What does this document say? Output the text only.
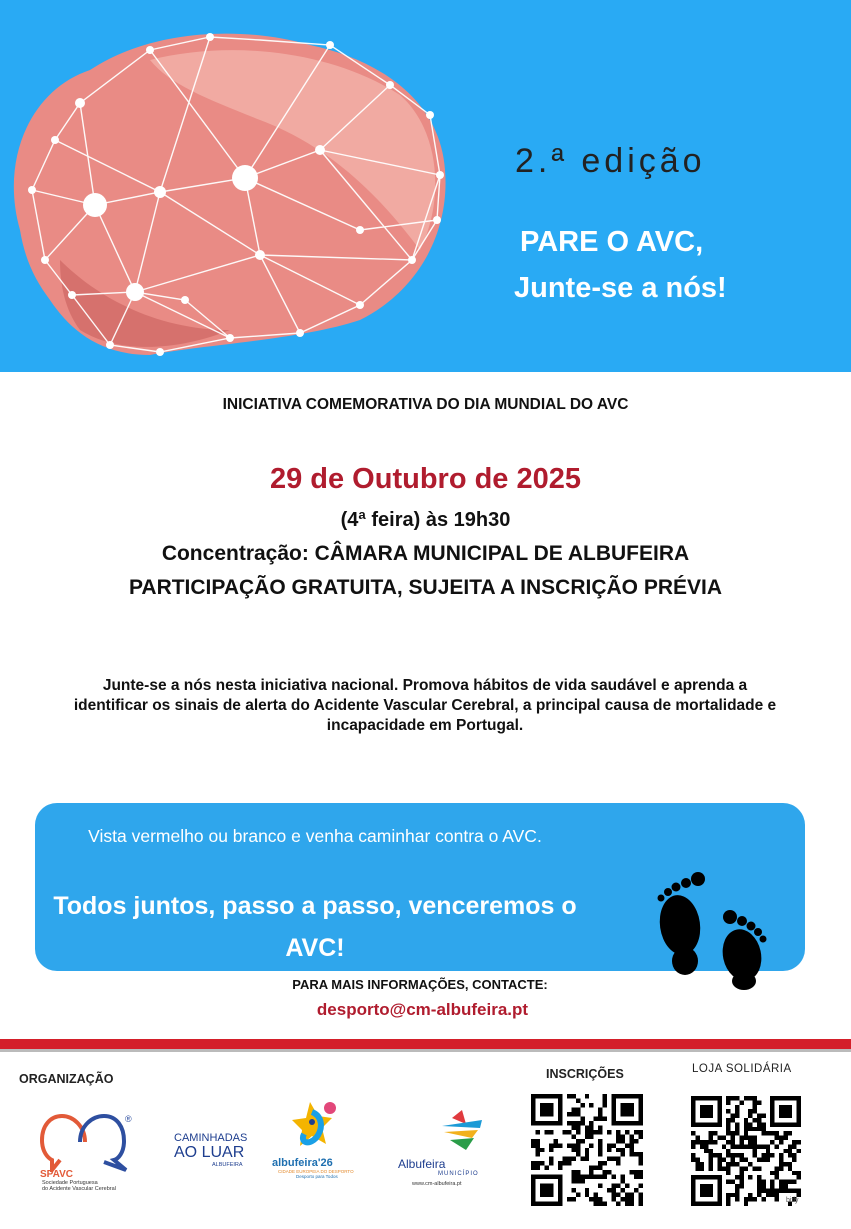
2.ª edição
PARE O AVC,
Junte-se a nós!
INICIATIVA COMEMORATIVA DO DIA MUNDIAL DO AVC
29 de Outubro de 2025
(4ª feira) às 19h30
Concentração: CÂMARA MUNICIPAL DE ALBUFEIRA
PARTICIPAÇÃO GRATUITA, SUJEITA A INSCRIÇÃO PRÉVIA
Junte-se a nós nesta iniciativa nacional. Promova hábitos de vida saudável e aprenda a identificar os sinais de alerta do Acidente Vascular Cerebral, a principal causa de mortalidade e incapacidade em Portugal.
Vista vermelho ou branco e venha caminhar contra o AVC.
Todos juntos, passo a passo, venceremos o AVC!
PARA MAIS INFORMAÇÕES, CONTACTE:
desporto@cm-albufeira.pt
ORGANIZAÇÃO	INSCRIÇÕES	LOJA SOLIDÁRIA
®
SPAVC
Sociedade Portuguesa
do Acidente Vascular Cerebral
CAMINHADAS
AO LUAR
ALBUFEIRA	albufeira'26
CIDADE EUROPEIA DO DESPORTO
Desporto para Todos
Albufeira
MUNICÍPIO
www.cm-albufeira.pt
bitly
